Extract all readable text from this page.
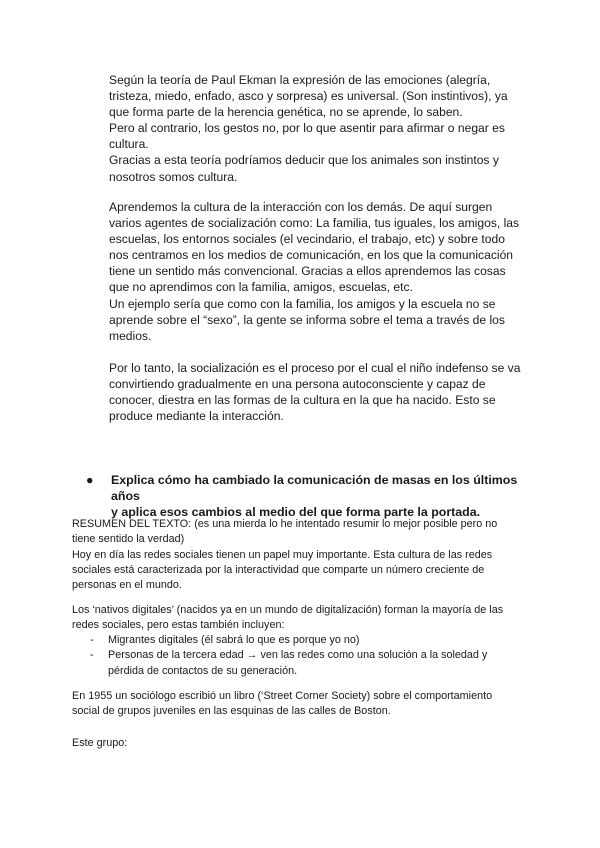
Según la teoría de Paul Ekman la expresión de las emociones (alegría,

tristeza, miedo, enfado, asco y sorpresa) es universal. (Son instintivos), ya

que forma parte de la herencia genética, no se aprende, lo saben.

Pero al contrario, los gestos no, por lo que asentir para afirmar o negar es

cultura.

Gracias a esta teoría podríamos deducir que los animales son instintos y

nosotros somos cultura.

Aprendemos la cultura de la interacción con los demás. De aquí surgen

varios agentes de socialización como: La familia, tus iguales, los amigos, las

escuelas, los entornos sociales (el vecindario, el trabajo, etc) y sobre todo

nos centramos en los medios de comunicación, en los que la comunicación

tiene un sentido más convencional. Gracias a ellos aprendemos las cosas

que no aprendimos con la familia, amigos, escuelas, etc.

Un ejemplo sería que como con la familia, los amigos y la escuela no se

aprende sobre el “sexo”, la gente se informa sobre el tema a través de los

medios.

Por lo tanto, la socialización es el proceso por el cual el niño indefenso se va

convirtiendo gradualmente en una persona autoconsciente y capaz de

conocer, diestra en las formas de la cultura en la que ha nacido. Esto se

produce mediante la interacción.

● Explica cómo ha cambiado la comunicación de masas en los últimos años
y aplica esos cambios al medio del que forma parte la portada.

RESUMEN DEL TEXTO: (es una mierda lo he intentado resumir lo mejor posible pero no

tiene sentido la verdad)

Hoy en día las redes sociales tienen un papel muy importante. Esta cultura de las redes

sociales está caracterizada por la interactividad que comparte un número creciente de

personas en el mundo.

Los ‘nativos digitales’ (nacidos ya en un mundo de digitalización) forman la mayoría de las

redes sociales, pero estas también incluyen:

- Migrantes digitales (él sabrá lo que es porque yo no)
- Personas de la tercera edad → ven las redes como una solución a la soledad y
pérdida de contactos de su generación.

En 1955 un sociólogo escribió un libro (‘Street Corner Society) sobre el comportamiento

social de grupos juveniles en las esquinas de las calles de Boston.

Este grupo:
